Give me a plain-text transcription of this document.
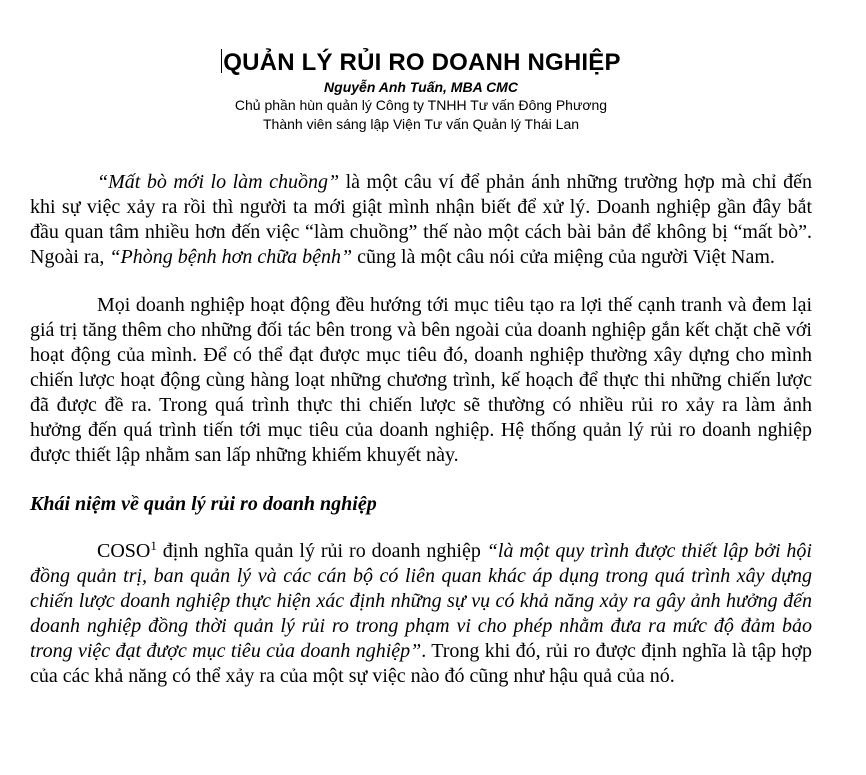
QUẢN LÝ RỦI RO DOANH NGHIỆP

Nguyễn Anh Tuấn, MBA CMC

Chủ phần hùn quản lý Công ty TNHH Tư vấn Đông Phương

Thành viên sáng lập Viện Tư vấn Quản lý Thái Lan

“Mất bò mới lo làm chuồng” là một câu ví để phản ánh những trường hợp mà chỉ đến khi sự việc xảy ra rồi thì người ta mới giật mình nhận biết để xử lý. Doanh nghiệp gần đây bắt đầu quan tâm nhiều hơn đến việc “làm chuồng” thế nào một cách bài bản để không bị “mất bò”. Ngoài ra, “Phòng bệnh hơn chữa bệnh” cũng là một câu nói cửa miệng của người Việt Nam.

Mọi doanh nghiệp hoạt động đều hướng tới mục tiêu tạo ra lợi thế cạnh tranh và đem lại giá trị tăng thêm cho những đối tác bên trong và bên ngoài của doanh nghiệp gắn kết chặt chẽ với hoạt động của mình. Để có thể đạt được mục tiêu đó, doanh nghiệp thường xây dựng cho mình chiến lược hoạt động cùng hàng loạt những chương trình, kế hoạch để thực thi những chiến lược đã được đề ra. Trong quá trình thực thi chiến lược sẽ thường có nhiều rủi ro xảy ra làm ảnh hưởng đến quá trình tiến tới mục tiêu của doanh nghiệp. Hệ thống quản lý rủi ro doanh nghiệp được thiết lập nhằm san lấp những khiếm khuyết này.

Khái niệm về quản lý rủi ro doanh nghiệp

COSO$^1$ định nghĩa quản lý rủi ro doanh nghiệp “là một quy trình được thiết lập bởi hội đồng quản trị, ban quản lý và các cán bộ có liên quan khác áp dụng trong quá trình xây dựng chiến lược doanh nghiệp thực hiện xác định những sự vụ có khả năng xảy ra gây ảnh hưởng đến doanh nghiệp đồng thời quản lý rủi ro trong phạm vi cho phép nhằm đưa ra mức độ đảm bảo trong việc đạt được mục tiêu của doanh nghiệp”. Trong khi đó, rủi ro được định nghĩa là tập hợp của các khả năng có thể xảy ra của một sự việc nào đó cũng như hậu quả của nó.
